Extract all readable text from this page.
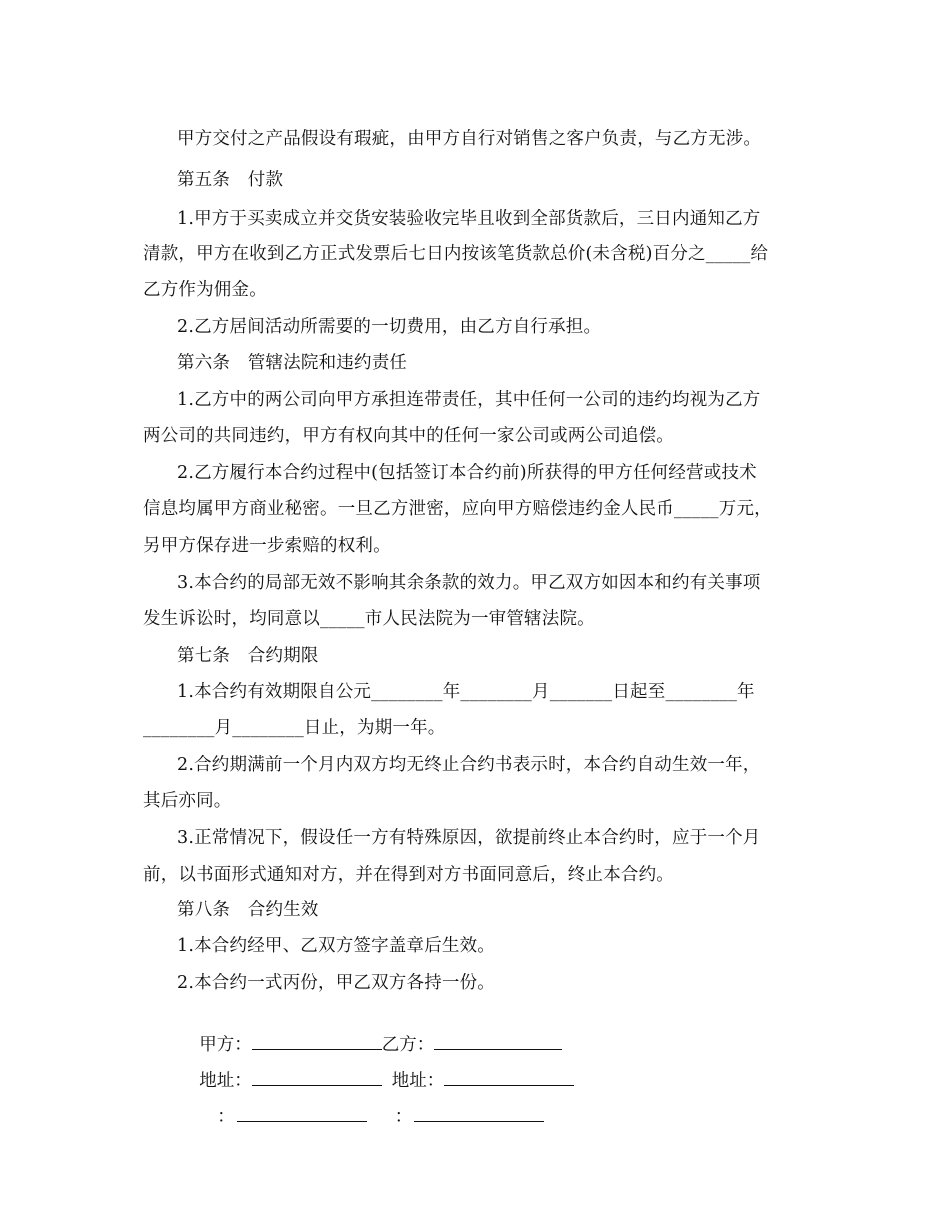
甲方交付之产品假设有瑕疵，由甲方自行对销售之客户负责，与乙方无涉。
第五条　付款
1.甲方于买卖成立并交货安装验收完毕且收到全部货款后，三日内通知乙方
清款，甲方在收到乙方正式发票后七日内按该笔货款总价(未含税)百分之_____给
乙方作为佣金。
2.乙方居间活动所需要的一切费用，由乙方自行承担。
第六条　管辖法院和违约责任
1.乙方中的两公司向甲方承担连带责任，其中任何一公司的违约均视为乙方
两公司的共同违约，甲方有权向其中的任何一家公司或两公司追偿。
2.乙方履行本合约过程中(包括签订本合约前)所获得的甲方任何经营或技术
信息均属甲方商业秘密。一旦乙方泄密，应向甲方赔偿违约金人民币_____万元，
另甲方保存进一步索赔的权利。
3.本合约的局部无效不影响其余条款的效力。甲乙双方如因本和约有关事项
发生诉讼时，均同意以_____市人民法院为一审管辖法院。
第七条　合约期限
1.本合约有效期限自公元________年________月_______日起至________年
________月________日止，为期一年。
2.合约期满前一个月内双方均无终止合约书表示时，本合约自动生效一年，
其后亦同。
3.正常情况下，假设任一方有特殊原因，欲提前终止本合约时，应于一个月
前，以书面形式通知对方，并在得到对方书面同意后，终止本合约。
第八条　合约生效
1.本合约经甲、乙双方签字盖章后生效。
2.本合约一式丙份，甲乙双方各持一份。

甲方：	乙方：

地址：	地址：

：	：
